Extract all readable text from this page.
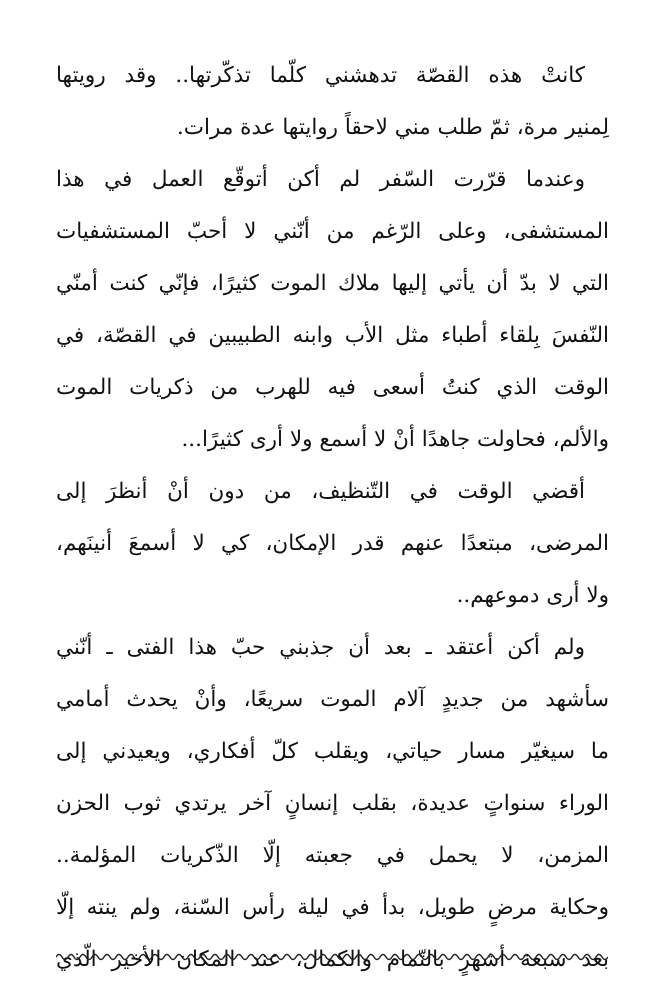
كانتْ هذه القصّة تدهشني كلّما تذكّرتها.. وقد رويتها
لِمنير مرة، ثمّ طلب مني لاحقاً روايتها عدة مرات.
وعندما قرّرت السّفر لم أكن أتوقّع العمل في هذا
المستشفى، وعلى الرّغم من أنّني لا أحبّ المستشفيات
التي لا بدّ أن يأتي إليها ملاك الموت كثيرًا، فإنّي كنت أمنّي
النّفسَ بِلقاء أطباء مثل الأب وابنه الطبيبين في القصّة، في
الوقت الذي كنتُ أسعى فيه للهرب من ذكريات الموت
والألم، فحاولت جاهدًا أنْ لا أسمع ولا أرى كثيرًا...
أقضي الوقت في التّنظيف، من دون أنْ أنظرَ إلى
المرضى، مبتعدًا عنهم قدر الإمكان، كي لا أسمعَ أنينَهم،
ولا أرى دموعهم..
ولم أكن أعتقد ـ بعد أن جذبني حبّ هذا الفتى ـ أنّني
سأشهد من جديدٍ آلام الموت سريعًا، وأنْ يحدث أمامي
ما سيغيّر مسار حياتي، ويقلب كلّ أفكاري، ويعيدني إلى
الوراء سنواتٍ عديدة، بقلب إنسانٍ آخر يرتدي ثوب الحزن
المزمن، لا يحمل في جعبته إلّا الذّكريات المؤلمة..
وحكاية مرضٍ طويل، بدأ في ليلة رأس السّنة، ولم ينته إلّا
بعد سبعة أشهرٍ بالتّمام والكمال، عند المكان الأخير الّذي
